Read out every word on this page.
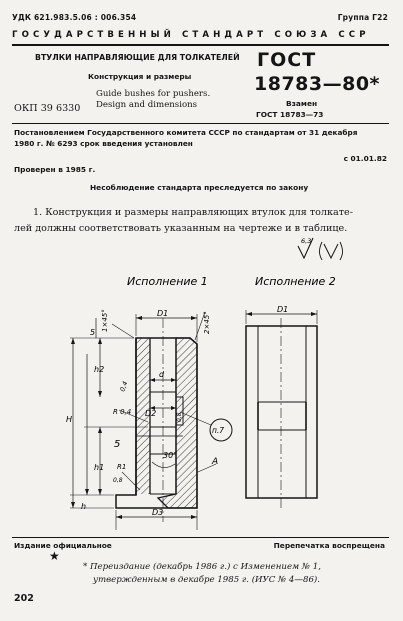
УДК 621.983.5.06 : 006.354	Группа Г22
ГОСУДАРСТВЕННЫЙ СТАНДАРТ СОЮЗА ССР
ВТУЛКИ НАПРАВЛЯЮЩИЕ ДЛЯ ТОЛКАТЕЛЕЙ
Конструкция и размеры
Guide bushes for pushers.
Design and dimensions
ОКП 39 6330
ГОСТ
18783—80*
Взамен
ГОСТ 18783—73
Постановлением Государственного комитета СССР по стандартам от 31 декабря
1980 г. № 6293 срок введения установлен
с 01.01.82
Проверен в 1985 г.
Несоблюдение стандарта преследуется по закону
1. Конструкция и размеры направляющих втулок для толкате-
лей должны соответствовать указанным на чертеже и в таблице.
6,3
Исполнение 1	Исполнение 2
D1
d
D2
D3
H
h
h1
h2
5
5
1×45°	2×45°
0,4
R 0,4
R1
0,8
0,8
30°
п.7
А
D1
Издание официальное	Перепечатка воспрещена
★
* Переиздание (декабрь 1986 г.) с Изменением № 1,
утвержденным в декабре 1985 г. (ИУС № 4—86).
202
